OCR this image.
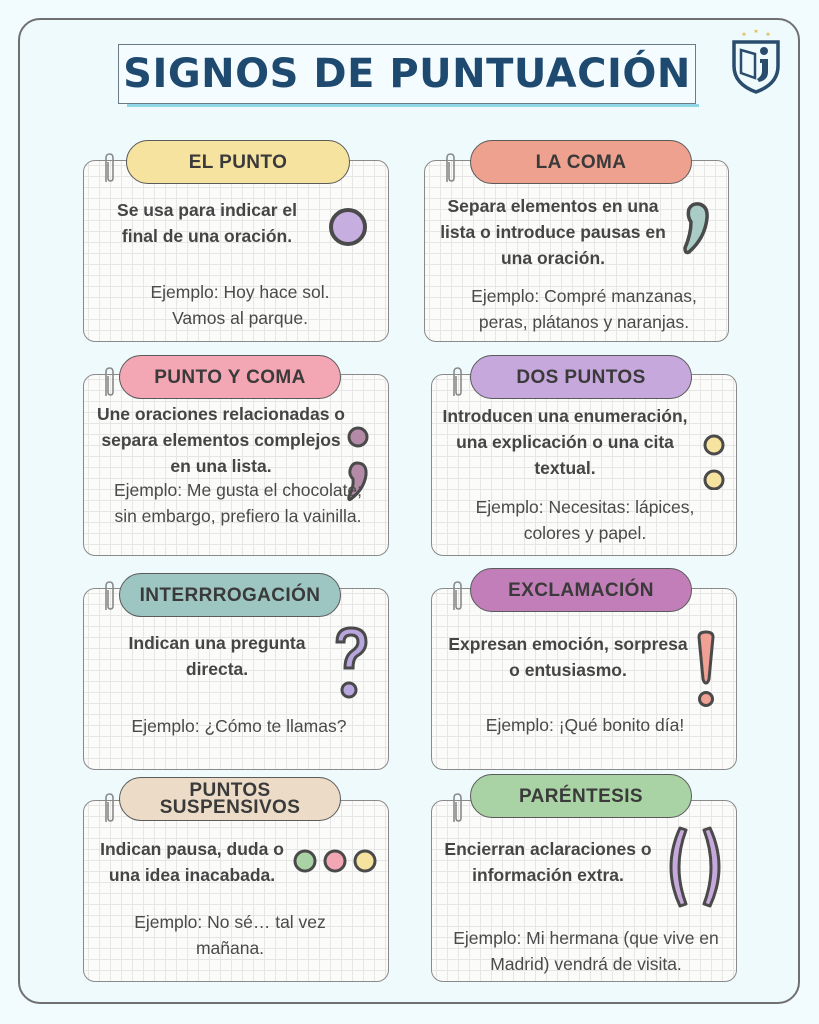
SIGNOS DE PUNTUACIÓN
EL PUNTO
Se usa para indicar el final de una oración.
Ejemplo: Hoy hace sol. Vamos al parque.
LA COMA
Separa elementos en una lista o introduce pausas en una oración.
Ejemplo: Compré manzanas, peras, plátanos y naranjas.
PUNTO Y COMA
Une oraciones relacionadas o separa elementos complejos en una lista.
Ejemplo: Me gusta el chocolate; sin embargo, prefiero la vainilla.
DOS PUNTOS
Introducen una enumeración, una explicación o una cita textual.
Ejemplo: Necesitas: lápices, colores y papel.
INTERRROGACIÓN
Indican una pregunta directa.
Ejemplo: ¿Cómo te llamas?
EXCLAMACIÓN
Expresan emoción, sorpresa o entusiasmo.
Ejemplo: ¡Qué bonito día!
PUNTOS SUSPENSIVOS
Indican pausa, duda o una idea inacabada.
Ejemplo: No sé… tal vez mañana.
PARÉNTESIS
Encierran aclaraciones o información extra.
Ejemplo: Mi hermana (que vive en Madrid) vendrá de visita.
